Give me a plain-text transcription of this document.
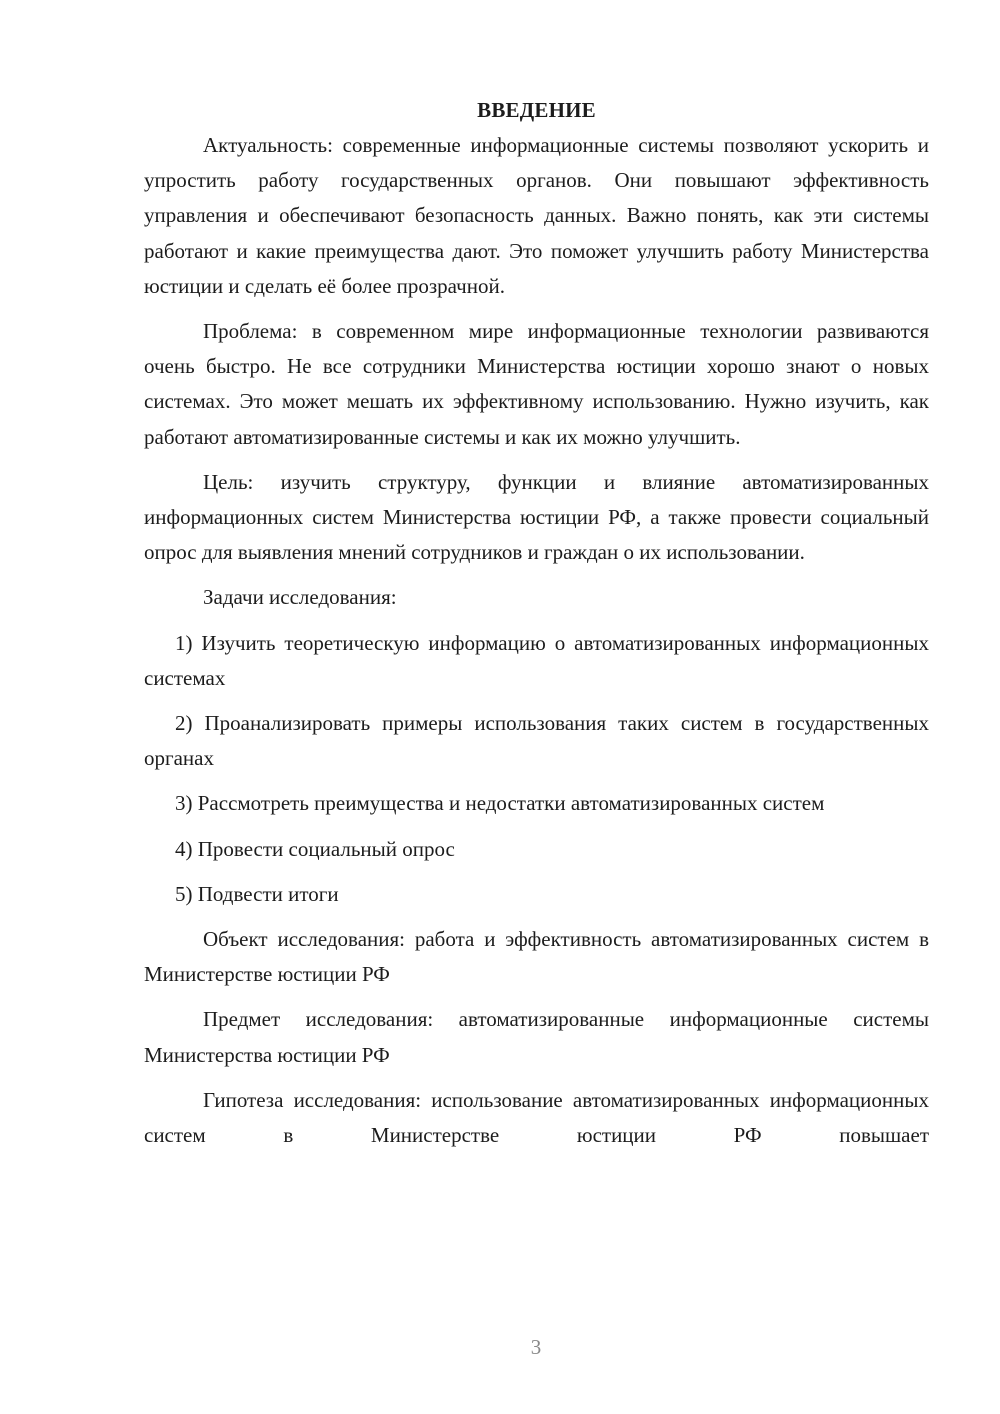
ВВЕДЕНИЕ

Актуальность: современные информационные системы позволяют ускорить и упростить работу государственных органов. Они повышают эффективность управления и обеспечивают безопасность данных. Важно понять, как эти системы работают и какие преимущества дают. Это поможет улучшить работу Министерства юстиции и сделать её более прозрачной.

Проблема: в современном мире информационные технологии развиваются очень быстро. Не все сотрудники Министерства юстиции хорошо знают о новых системах. Это может мешать их эффективному использованию. Нужно изучить, как работают автоматизированные системы и как их можно улучшить.

Цель: изучить структуру, функции и влияние автоматизированных информационных систем Министерства юстиции РФ, а также провести социальный опрос для выявления мнений сотрудников и граждан о их использовании.

Задачи исследования:

1) Изучить теоретическую информацию о автоматизированных информационных системах

2) Проанализировать примеры использования таких систем в государственных органах

3) Рассмотреть преимущества и недостатки автоматизированных систем

4) Провести социальный опрос

5) Подвести итоги

Объект исследования: работа и эффективность автоматизированных систем в Министерстве юстиции РФ

Предмет исследования: автоматизированные информационные системы Министерства юстиции РФ

Гипотеза исследования: использование автоматизированных информационных систем в Министерстве юстиции РФ повышает

3
